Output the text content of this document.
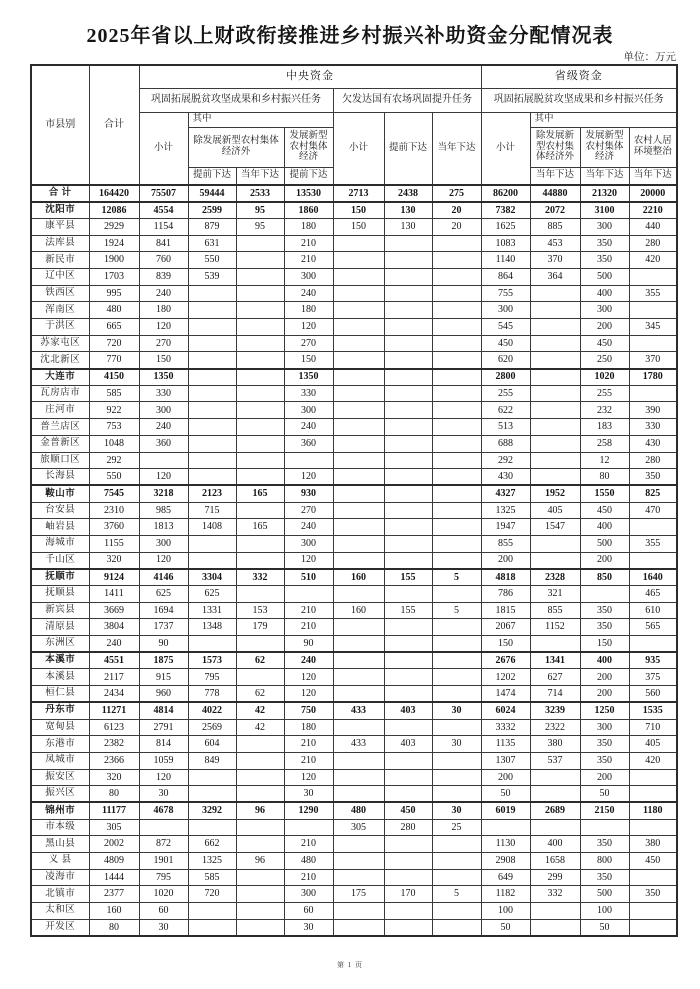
2025年省以上财政衔接推进乡村振兴补助资金分配情况表
单位：万元
市县别	合计	中央资金							省级资金			
		巩固拓展脱贫攻坚成果和乡村振兴任务				欠发达国有农场巩固提升任务			巩固拓展脱贫攻坚成果和乡村振兴任务			
		小计	其中			小计	提前下达	当年下达	小计	其中		
			除发展新型农村集体经济外		发展新型农村集体经济					除发展新型农村集体经济外	发展新型农村集体经济	农村人居环境整治
			提前下达	当年下达	提前下达					当年下达	当年下达	当年下达
合 计	164420	75507	59444	2533	13530	2713	2438	275	86200	44880	21320	20000
沈阳市	12086	4554	2599	95	1860	150	130	20	7382	2072	3100	2210
康平县	2929	1154	879	95	180	150	130	20	1625	885	300	440
法库县	1924	841	631		210				1083	453	350	280
新民市	1900	760	550		210				1140	370	350	420
辽中区	1703	839	539		300				864	364	500	
铁西区	995	240			240				755		400	355
浑南区	480	180			180				300		300	
于洪区	665	120			120				545		200	345
苏家屯区	720	270			270				450		450	
沈北新区	770	150			150				620		250	370
大连市	4150	1350			1350				2800		1020	1780
瓦房店市	585	330			330				255		255	
庄河市	922	300			300				622		232	390
普兰店区	753	240			240				513		183	330
金普新区	1048	360			360				688		258	430
旅顺口区	292								292		12	280
长海县	550	120			120				430		80	350
鞍山市	7545	3218	2123	165	930				4327	1952	1550	825
台安县	2310	985	715		270				1325	405	450	470
岫岩县	3760	1813	1408	165	240				1947	1547	400	
海城市	1155	300			300				855		500	355
千山区	320	120			120				200		200	
抚顺市	9124	4146	3304	332	510	160	155	5	4818	2328	850	1640
抚顺县	1411	625	625						786	321		465
新宾县	3669	1694	1331	153	210	160	155	5	1815	855	350	610
清原县	3804	1737	1348	179	210				2067	1152	350	565
东洲区	240	90			90				150		150	
本溪市	4551	1875	1573	62	240				2676	1341	400	935
本溪县	2117	915	795		120				1202	627	200	375
桓仁县	2434	960	778	62	120				1474	714	200	560
丹东市	11271	4814	4022	42	750	433	403	30	6024	3239	1250	1535
宽甸县	6123	2791	2569	42	180				3332	2322	300	710
东港市	2382	814	604		210	433	403	30	1135	380	350	405
凤城市	2366	1059	849		210				1307	537	350	420
振安区	320	120			120				200		200	
振兴区	80	30			30				50		50	
锦州市	11177	4678	3292	96	1290	480	450	30	6019	2689	2150	1180
市本级	305					305	280	25				
黑山县	2002	872	662		210				1130	400	350	380
义 县	4809	1901	1325	96	480				2908	1658	800	450
凌海市	1444	795	585		210				649	299	350	
北镇市	2377	1020	720		300	175	170	5	1182	332	500	350
太和区	160	60			60				100		100	
开发区	80	30			30				50		50	
第 1 页
